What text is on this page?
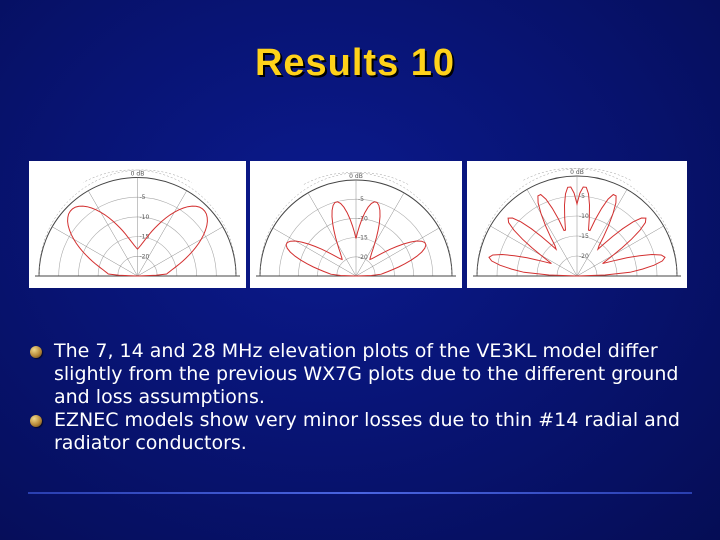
Results 10
0 dB
-5
-10
-15
-20
0 dB
-5
-10
-15
-20
0 dB
-5
-10
-15
-20
The 7, 14 and 28 MHz elevation plots of the VE3KL model differ slightly from the previous WX7G plots due to the different ground and loss assumptions.
EZNEC models show very minor losses due to thin #14 radial and radiator conductors.
